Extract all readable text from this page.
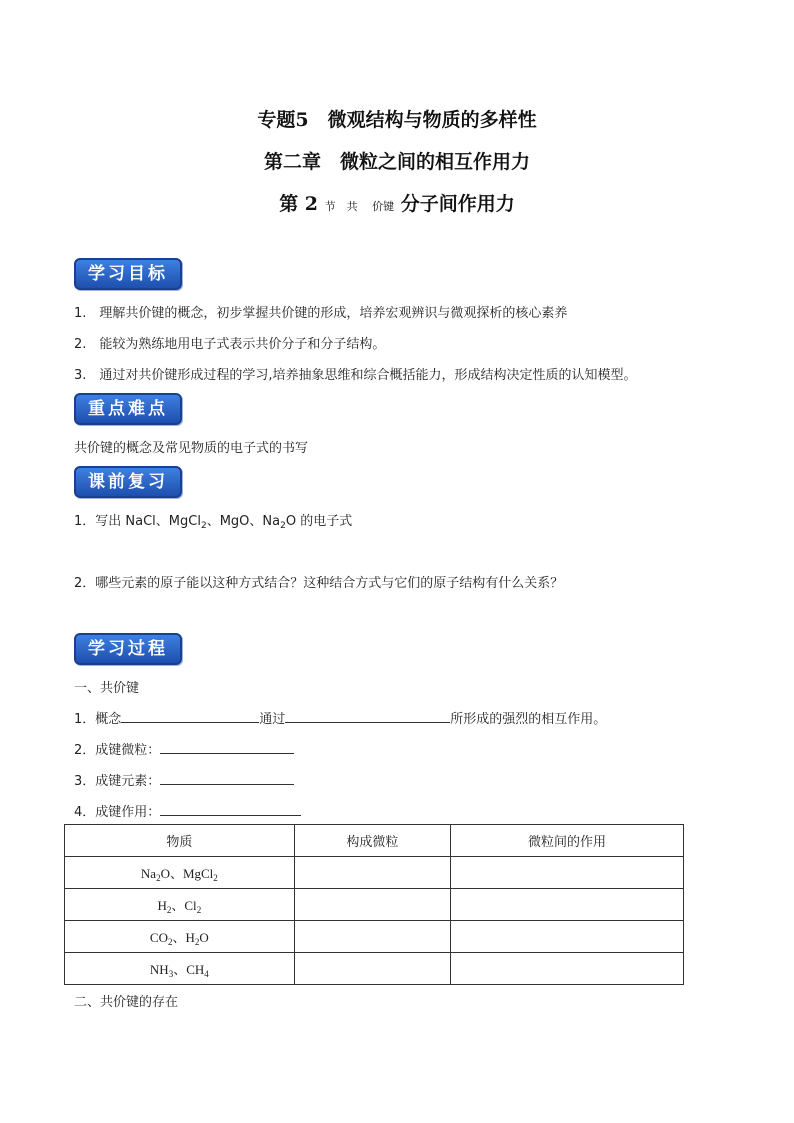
专题5　微观结构与物质的多样性
第二章　微粒之间的相互作用力
第 2 节　共　 价键 分子间作用力
学习目标
1.　理解共价键的概念，初步掌握共价键的形成，培养宏观辨识与微观探析的核心素养
2.　能较为熟练地用电子式表示共价分子和分子结构。
3.　通过对共价键形成过程的学习,培养抽象思维和综合概括能力，形成结构决定性质的认知模型。
重点难点
共价键的概念及常见物质的电子式的书写
课前复习
1．写出 NaCl、MgCl$_2$、MgO、$Na_2O$ 的电子式
2．哪些元素的原子能以这种方式结合？这种结合方式与它们的原子结构有什么关系？
学习过程
一、共价键
1．概念	通过	所形成的强烈的相互作用。
2．成键微粒：
3．成键元素：
4．成键作用：
物质	构成微粒	微粒间的作用
$Na_2O$、MgCl$_2$		
$H_2$、$Cl_2$		
$CO_2$、$H_2O$		
$NH_3$、$CH_4$		
二、共价键的存在
